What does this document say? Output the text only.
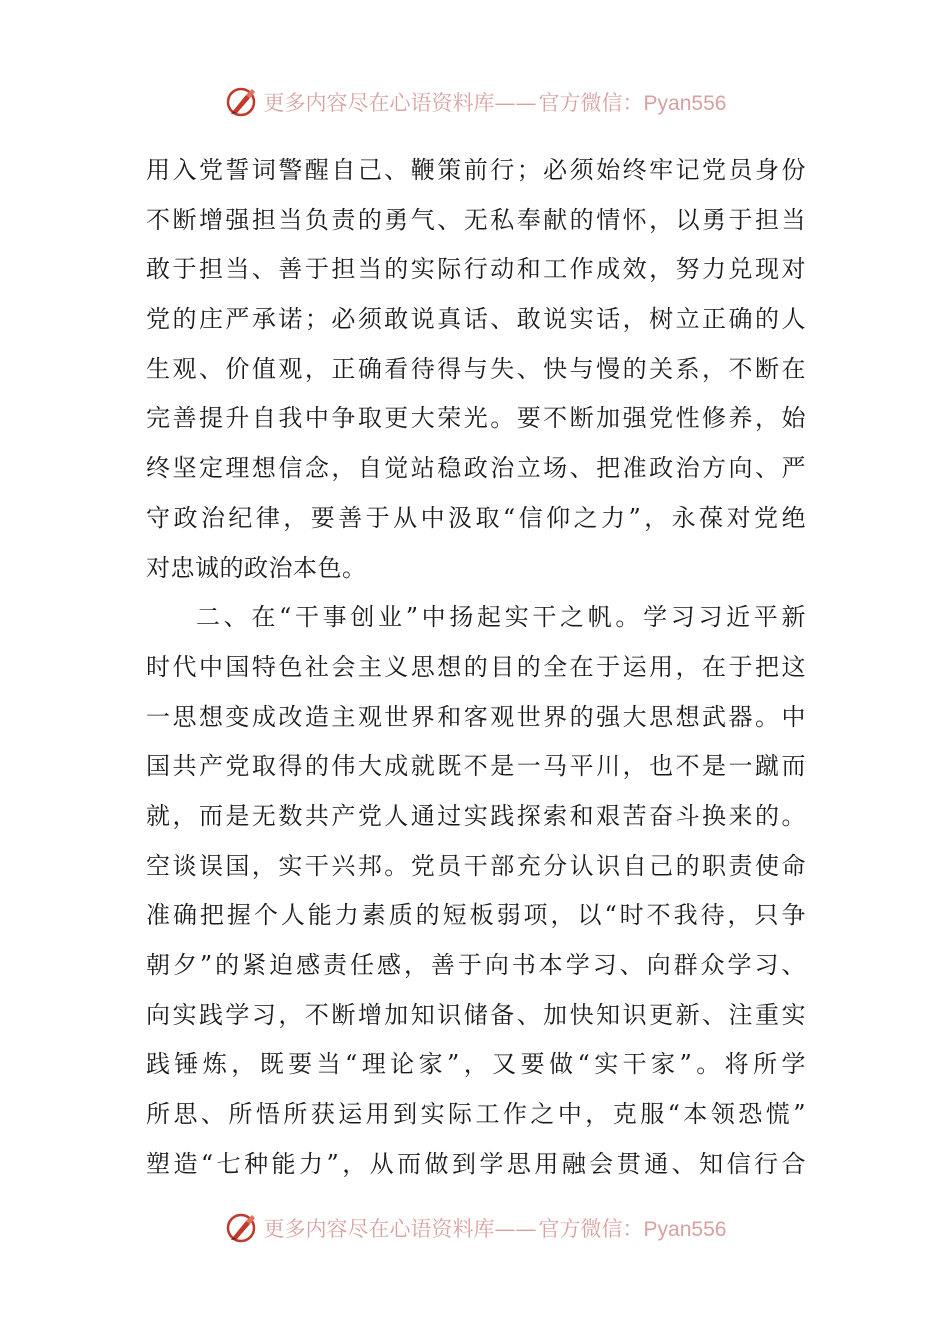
更多内容尽在心语资料库—— 官方微信：Pyan556
用入党誓词警醒自己、鞭策前行；必须始终牢记党员身份
不断增强担当负责的勇气、无私奉献的情怀，以勇于担当
敢于担当、善于担当的实际行动和工作成效，努力兑现对
党的庄严承诺；必须敢说真话、敢说实话，树立正确的人
生观、价值观，正确看待得与失、快与慢的关系，不断在
完善提升自我中争取更大荣光。要不断加强党性修养，始
终坚定理想信念，自觉站稳政治立场、把准政治方向、严
守政治纪律，要善于从中汲取“信仰之力”，永葆对党绝
对忠诚的政治本色。
二、在“干事创业”中扬起实干之帆。学习习近平新
时代中国特色社会主义思想的目的全在于运用，在于把这
一思想变成改造主观世界和客观世界的强大思想武器。中
国共产党取得的伟大成就既不是一马平川，也不是一蹴而
就，而是无数共产党人通过实践探索和艰苦奋斗换来的。
空谈误国，实干兴邦。党员干部充分认识自己的职责使命
准确把握个人能力素质的短板弱项，以“时不我待，只争
朝夕”的紧迫感责任感，善于向书本学习、向群众学习、
向实践学习，不断增加知识储备、加快知识更新、注重实
践锤炼，既要当“理论家”，又要做“实干家”。将所学
所思、所悟所获运用到实际工作之中，克服“本领恐慌”
塑造“七种能力”，从而做到学思用融会贯通、知信行合
更多内容尽在心语资料库—— 官方微信：Pyan556
